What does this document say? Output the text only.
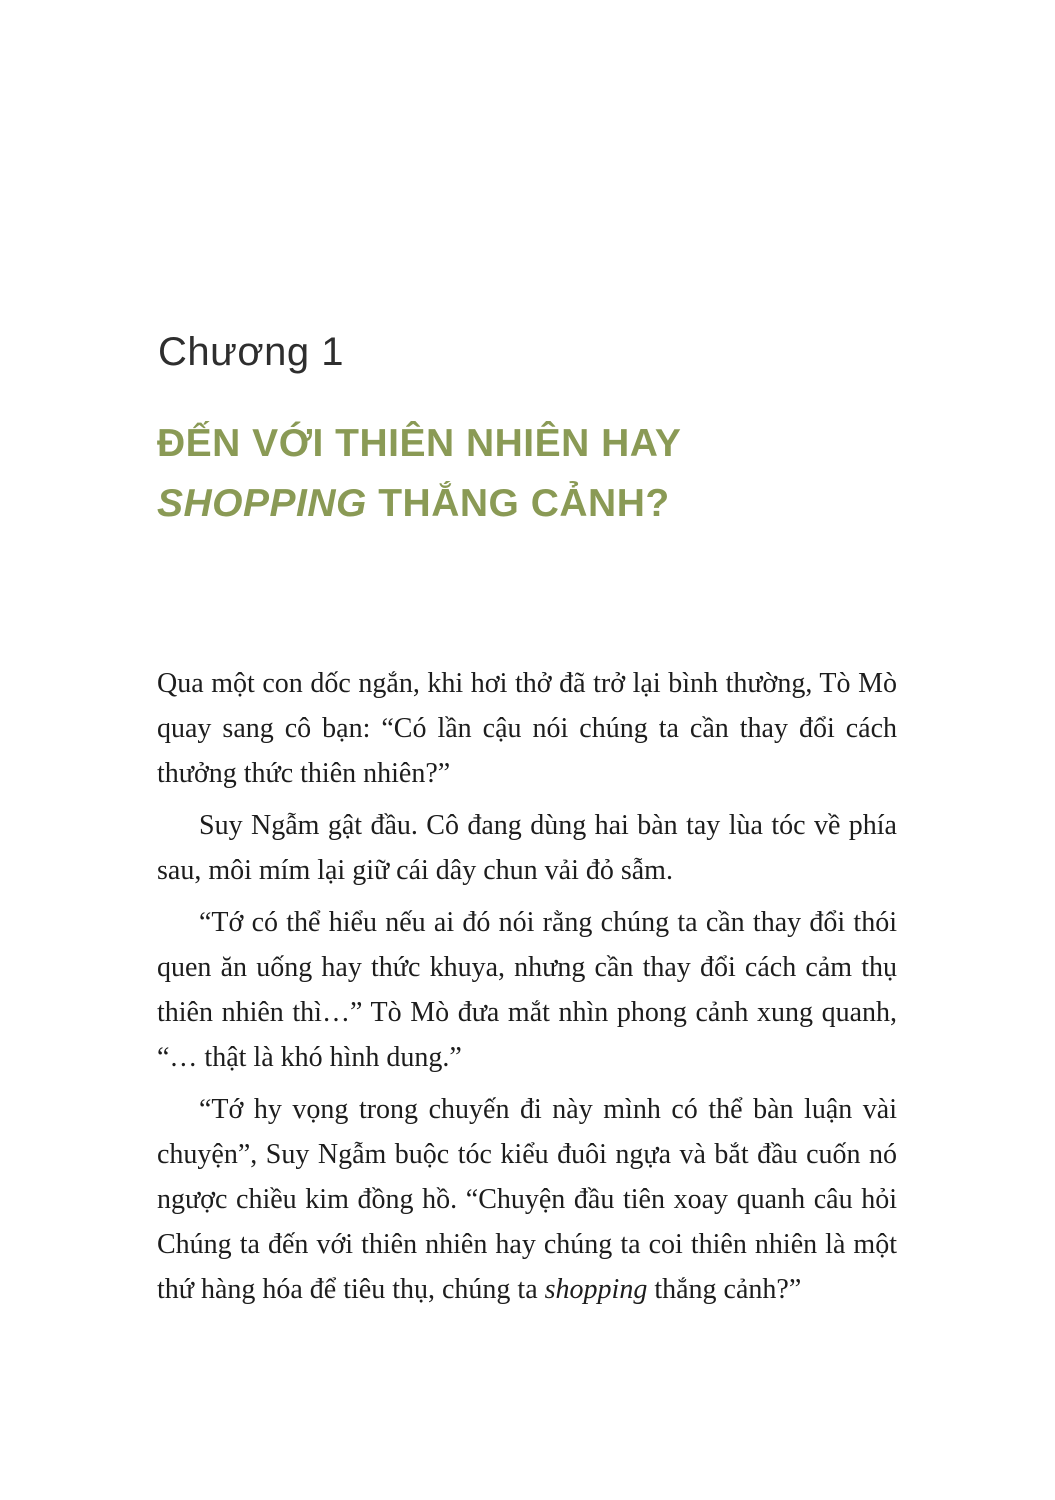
Chương 1
ĐẾN VỚI THIÊN NHIÊN HAY
SHOPPING THẮNG CẢNH?

Qua một con dốc ngắn, khi hơi thở đã trở lại bình thường, Tò Mò quay sang cô bạn: “Có lần cậu nói chúng ta cần thay đổi cách thưởng thức thiên nhiên?”

Suy Ngẫm gật đầu. Cô đang dùng hai bàn tay lùa tóc về phía sau, môi mím lại giữ cái dây chun vải đỏ sẫm.

“Tớ có thể hiểu nếu ai đó nói rằng chúng ta cần thay đổi thói quen ăn uống hay thức khuya, nhưng cần thay đổi cách cảm thụ thiên nhiên thì…” Tò Mò đưa mắt nhìn phong cảnh xung quanh, “… thật là khó hình dung.”

“Tớ hy vọng trong chuyến đi này mình có thể bàn luận vài chuyện”, Suy Ngẫm buộc tóc kiểu đuôi ngựa và bắt đầu cuốn nó ngược chiều kim đồng hồ. “Chuyện đầu tiên xoay quanh câu hỏi Chúng ta đến với thiên nhiên hay chúng ta coi thiên nhiên là một thứ hàng hóa để tiêu thụ, chúng ta shopping thắng cảnh?”
